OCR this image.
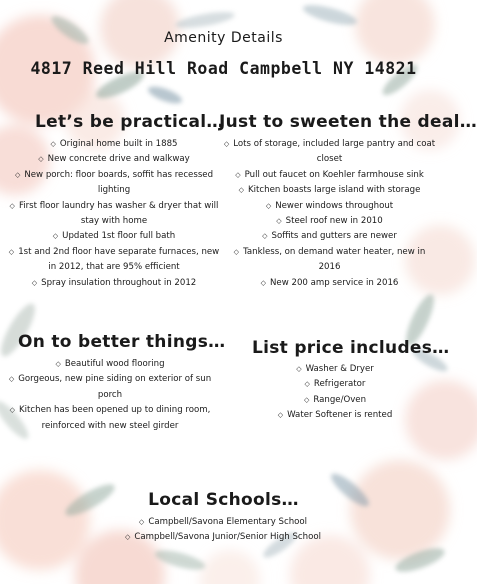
Amenity Details
4817 Reed Hill Road Campbell NY 14821
Let’s be practical…
◇ Original home built in 1885
◇ New concrete drive and walkway
◇ New porch: floor boards, soffit has recessed lighting
◇ First floor laundry has washer & dryer that will stay with home
◇ Updated 1st floor full bath
◇ 1st and 2nd floor have separate furnaces, new in 2012, that are 95% efficient
◇ Spray insulation throughout in 2012
Just to sweeten the deal…
◇ Lots of storage, included large pantry and coat closet
◇ Pull out faucet on Koehler farmhouse sink
◇ Kitchen boasts large island with storage
◇ Newer windows throughout
◇ Steel roof new in 2010
◇ Soffits and gutters are newer
◇ Tankless, on demand water heater, new in 2016
◇ New 200 amp service in 2016
On to better things…
◇ Beautiful wood flooring
◇ Gorgeous, new pine siding on exterior of sun porch
◇ Kitchen has been opened up to dining room, reinforced with new steel girder
List price includes…
◇ Washer & Dryer
◇ Refrigerator
◇ Range/Oven
◇ Water Softener is rented
Local Schools…
◇ Campbell/Savona Elementary School
◇ Campbell/Savona Junior/Senior High School
